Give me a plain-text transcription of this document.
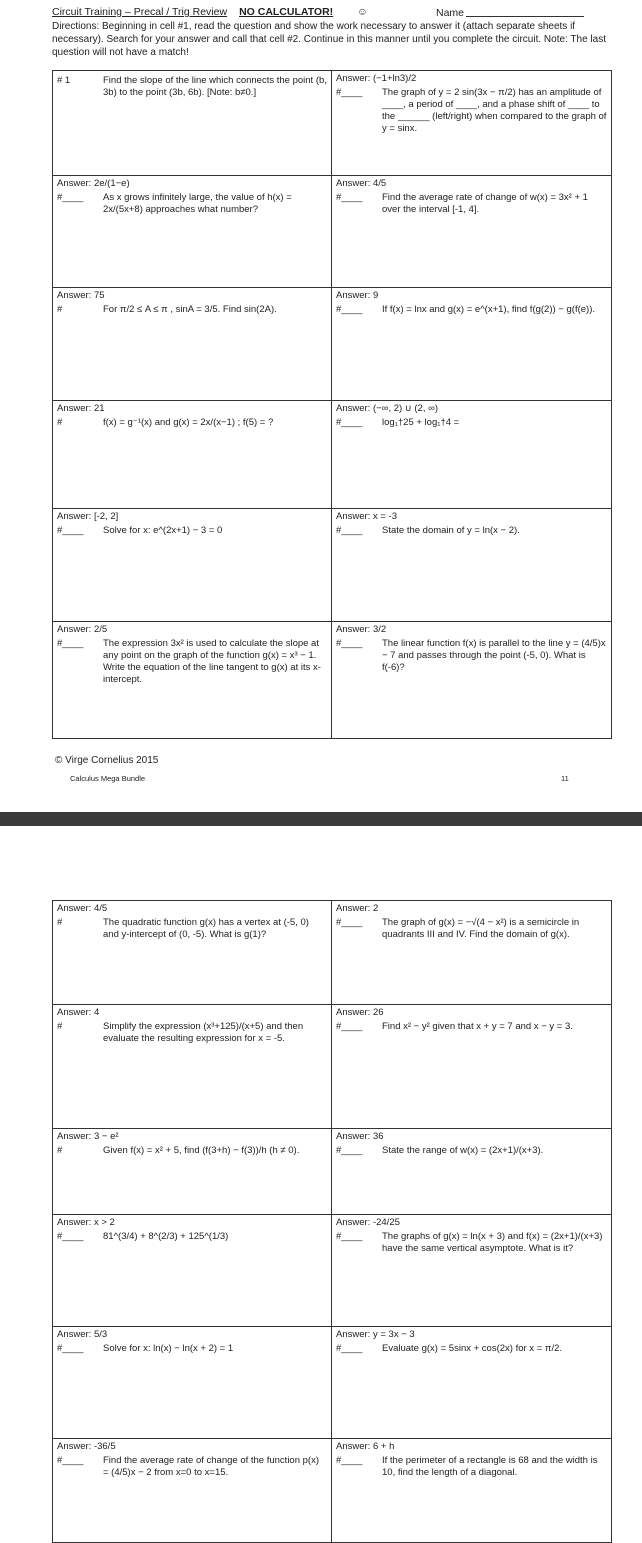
Circuit Training – Precal / Trig Review NO CALCULATOR! ☺	Name
Directions: Beginning in cell #1, read the question and show the work necessary to answer it (attach separate sheets if necessary). Search for your answer and call that cell #2. Continue in this manner until you complete the circuit. Note: The last question will not have a match!
# 1	Find the slope of the line which connects the point (b, 3b) to the point (3b, 6b). [Note: b≠0.]
Answer: (−1+ln3)/2
#____	The graph of y = 2 sin(3x − π/2) has an amplitude of ____, a period of ____, and a phase shift of ____ to the ______ (left/right) when compared to the graph of y = sinx.
Answer: 2e/(1−e)
#____	As x grows infinitely large, the value of h(x) = 2x/(5x+8) approaches what number?
Answer: 4/5
#____	Find the average rate of change of w(x) = 3x² + 1 over the interval [-1, 4].
Answer: 75
#	For π/2 ≤ A ≤ π , sinA = 3/5. Find sin(2A).
Answer: 9
#____	If f(x) = lnx and g(x) = e^(x+1), find f(g(2)) − g(f(e)).
Answer: 21
#	f(x) = g⁻¹(x) and g(x) = 2x/(x−1) ; f(5) = ?
Answer: (−∞, 2) ∪ (2, ∞)
#____	log₁†25 + log₁†4 =
Answer: [-2, 2]
#____	Solve for x: e^(2x+1) − 3 = 0
Answer: x = -3
#____	State the domain of y = ln(x − 2).
Answer: 2/5
#____	The expression 3x² is used to calculate the slope at any point on the graph of the function g(x) = x³ − 1. Write the equation of the line tangent to g(x) at its x-intercept.
Answer: 3/2
#____	The linear function f(x) is parallel to the line y = (4/5)x − 7 and passes through the point (-5, 0). What is f(-6)?
© Virge Cornelius 2015
Calculus Mega Bundle	11
Answer: 4/5
#	The quadratic function g(x) has a vertex at (-5, 0) and y-intercept of (0, -5). What is g(1)?
Answer: 2
#____	The graph of g(x) = −√(4 − x²) is a semicircle in quadrants III and IV. Find the domain of g(x).
Answer: 4
#	Simplify the expression (x³+125)/(x+5) and then evaluate the resulting expression for x = -5.
Answer: 26
#____	Find x² − y² given that x + y = 7 and x − y = 3.
Answer: 3 − e²
#	Given f(x) = x² + 5, find (f(3+h) − f(3))/h (h ≠ 0).
Answer: 36
#____	State the range of w(x) = (2x+1)/(x+3).
Answer: x > 2
#____	81^(3/4) + 8^(2/3) + 125^(1/3)
Answer: -24/25
#____	The graphs of g(x) = ln(x + 3) and f(x) = (2x+1)/(x+3) have the same vertical asymptote. What is it?
Answer: 5/3
#____	Solve for x: ln(x) − ln(x + 2) = 1
Answer: y = 3x − 3
#____	Evaluate g(x) = 5sinx + cos(2x) for x = π/2.
Answer: -36/5
#____	Find the average rate of change of the function p(x) = (4/5)x − 2 from x=0 to x=15.
Answer: 6 + h
#____	If the perimeter of a rectangle is 68 and the width is 10, find the length of a diagonal.
